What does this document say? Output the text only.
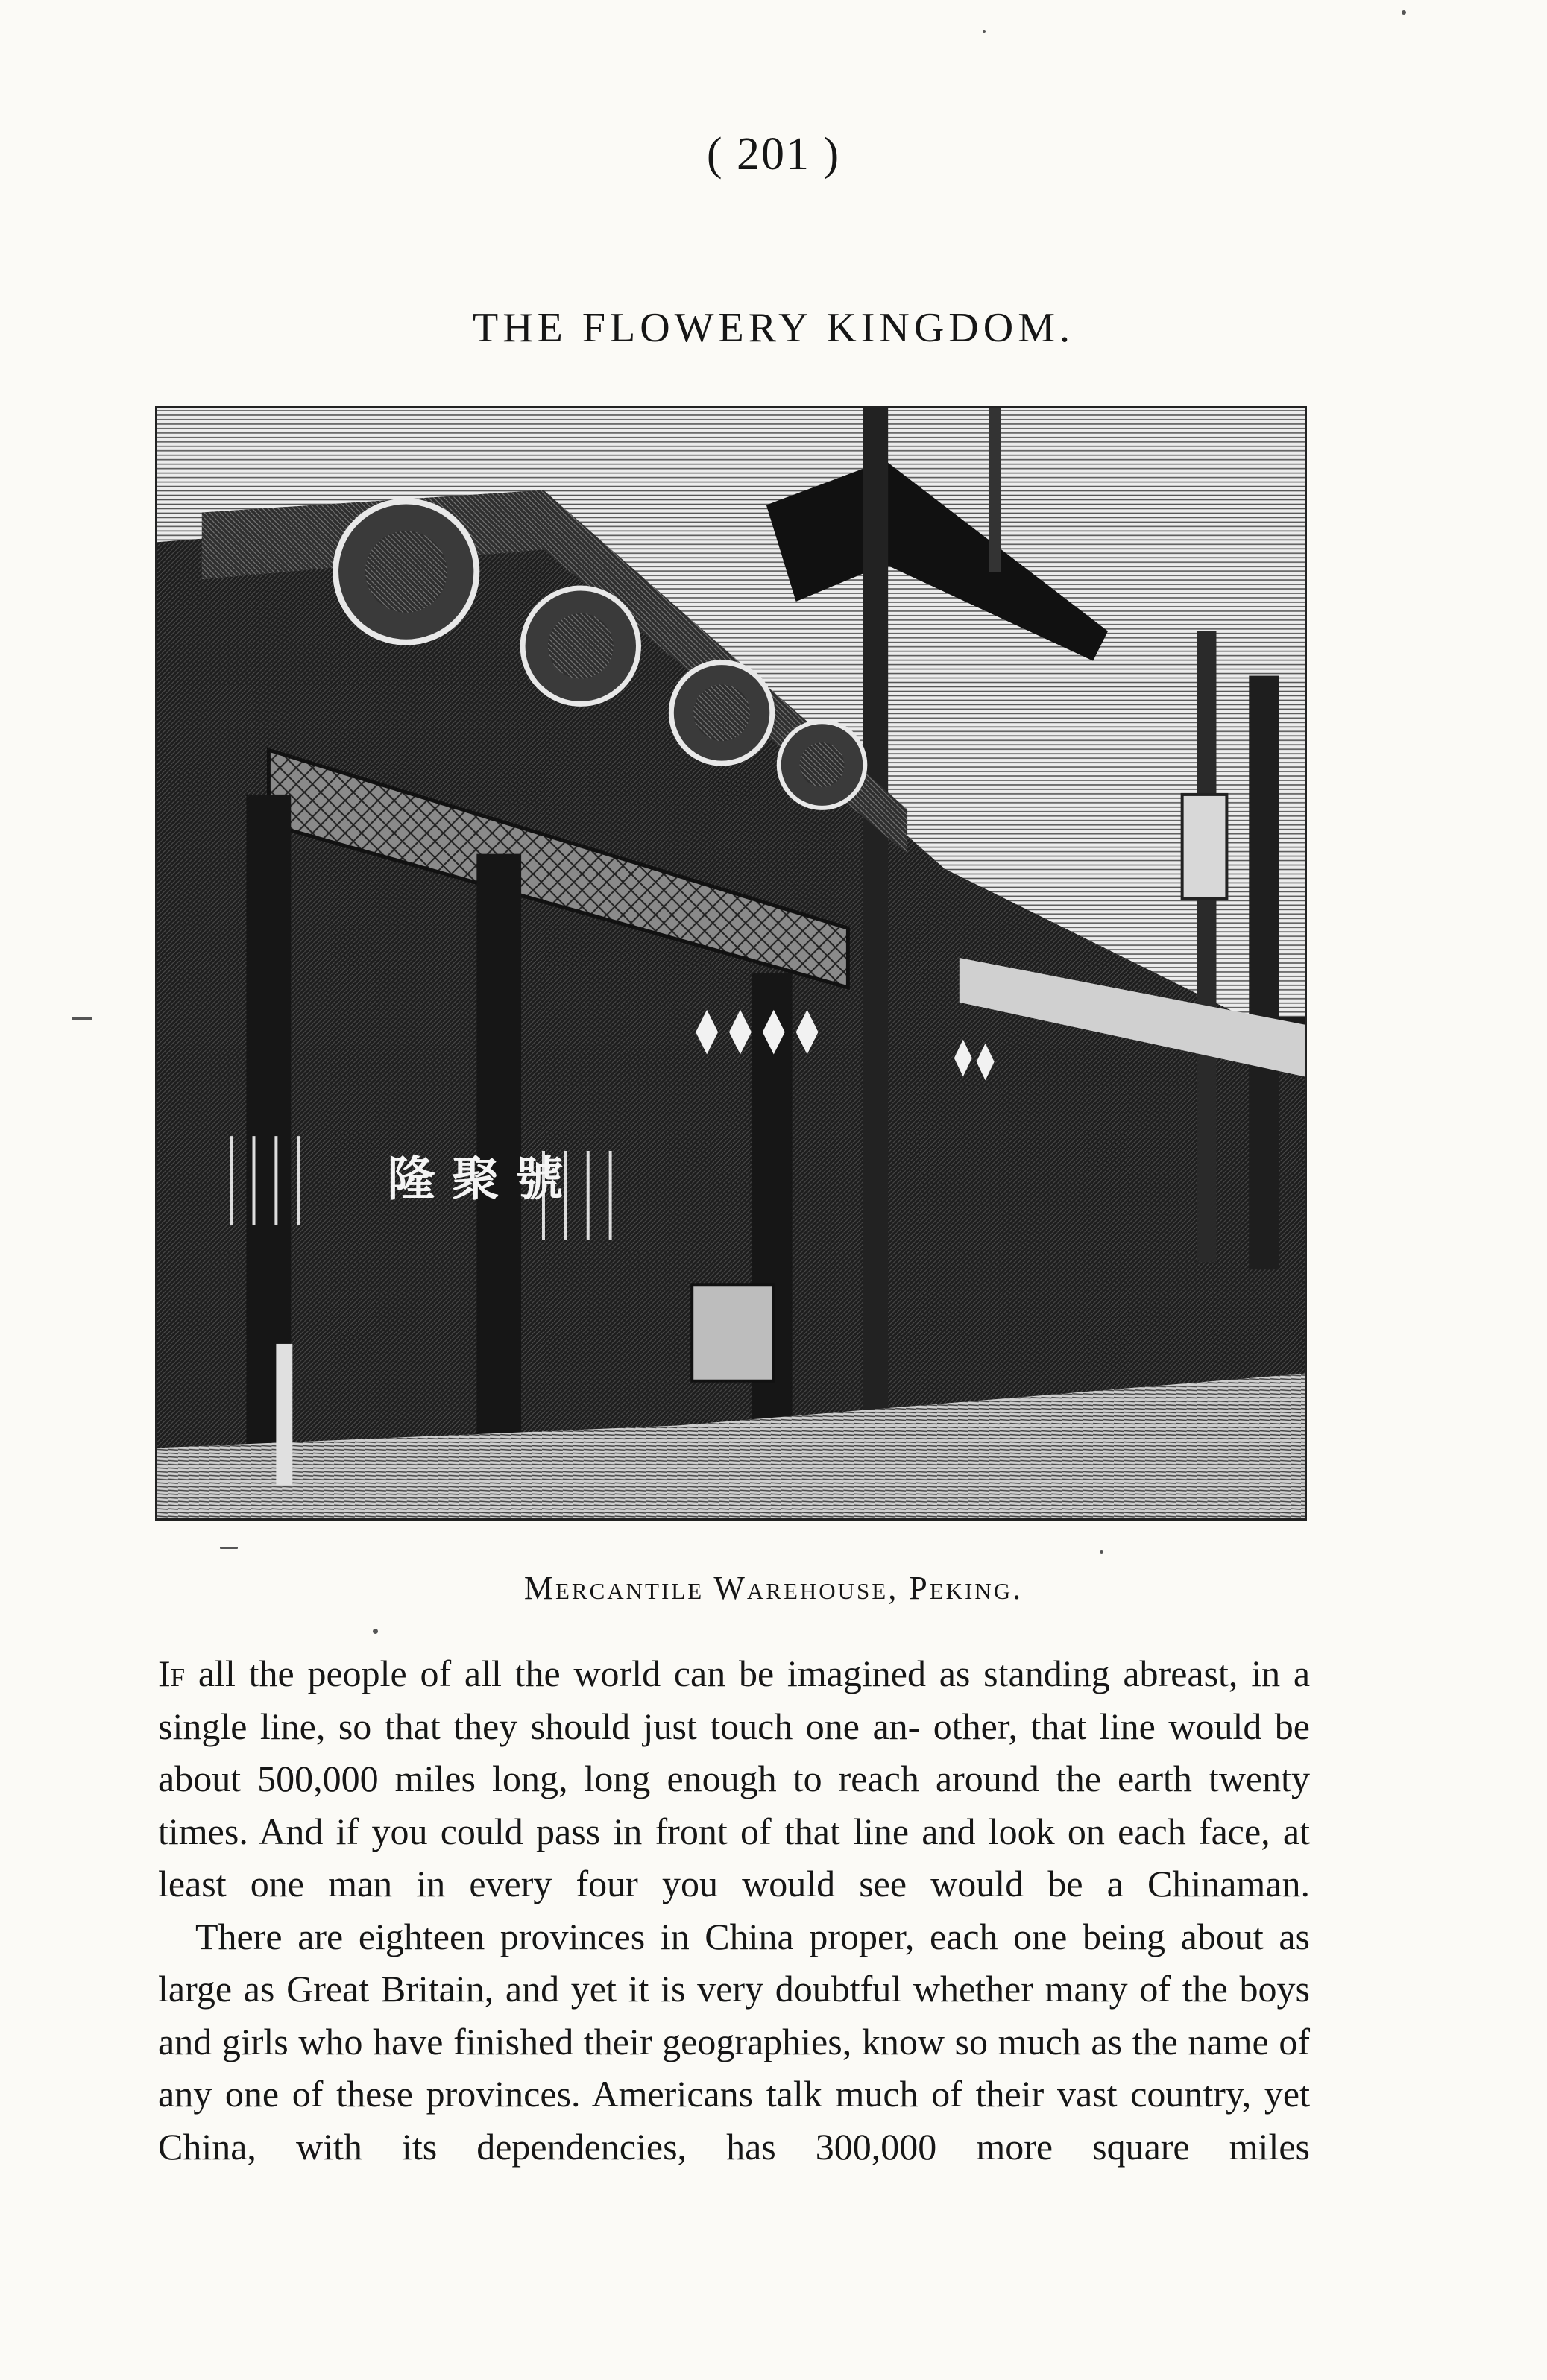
( 201 )
THE FLOWERY KINGDOM.
隆 聚 號
Mercantile Warehouse, Peking.

If all the people of all the world can be imagined as standing abreast, in a single line, so that they should just touch one an- other, that line would be about 500,000 miles long, long enough to reach around the earth twenty times. And if you could pass in front of that line and look on each face, at least one man in every four you would see would be a Chinaman.

There are eighteen provinces in China proper, each one being about as large as Great Britain, and yet it is very doubtful whether many of the boys and girls who have finished their geographies, know so much as the name of any one of these provinces. Americans talk much of their vast country, yet China, with its dependencies, has 300,000 more square miles
